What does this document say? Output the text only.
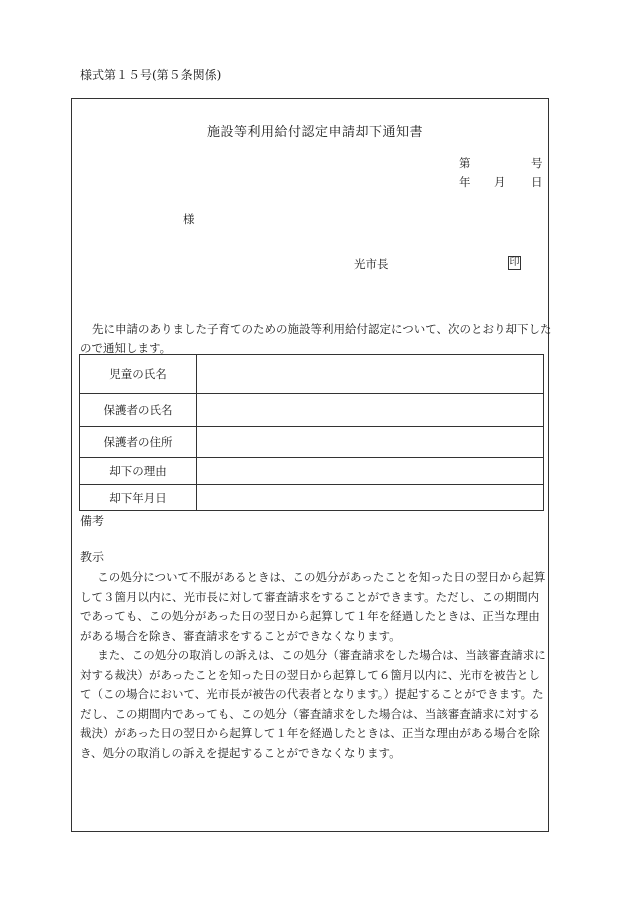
様式第１５号(第５条関係)
施設等利用給付認定申請却下通知書
第	号
年 月 日
様
光市長	印
先に申請のありました子育てのための施設等利用給付認定について、次のとおり却下したので通知します。
児童の氏名	
保護者の氏名	
保護者の住所	
却下の理由	
却下年月日	
備考
教示
この処分について不服があるときは、この処分があったことを知った日の翌日から起算して３箇月以内に、光市長に対して審査請求をすることができます。ただし、この期間内であっても、この処分があった日の翌日から起算して１年を経過したときは、正当な理由がある場合を除き、審査請求をすることができなくなります。
また、この処分の取消しの訴えは、この処分（審査請求をした場合は、当該審査請求に対する裁決）があったことを知った日の翌日から起算して６箇月以内に、光市を被告として（この場合において、光市長が被告の代表者となります。）提起することができます。ただし、この期間内であっても、この処分（審査請求をした場合は、当該審査請求に対する裁決）があった日の翌日から起算して１年を経過したときは、正当な理由がある場合を除き、処分の取消しの訴えを提起することができなくなります。
